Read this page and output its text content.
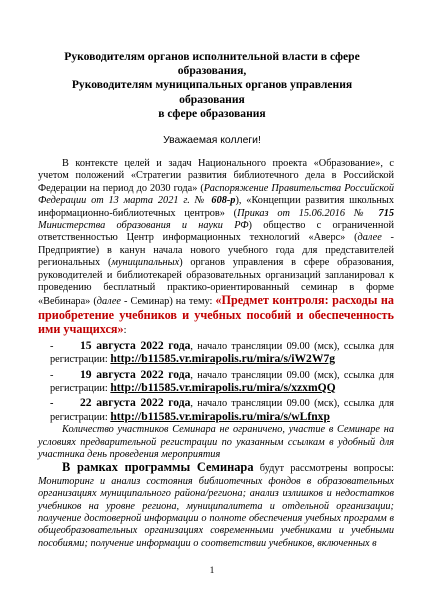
Руководителям органов исполнительной власти в сфере
образования,
Руководителям муниципальных органов управления образования
в сфере образования
Уважаемая коллеги!

В контексте целей и задач Национального проекта «Образование», с учетом положений «Стратегии развития библиотечного дела в Российской Федерации на период до 2030 года» (Распоряжение Правительства Российской Федерации от 13 марта 2021 г. № 608-р), «Концепции развития школьных информационно-библиотечных центров» (Приказ от 15.06.2016 № 715 Министерства образования и науки РФ) общество с ограниченной ответственностью Центр информационных технологий «Аверс» (далее - Предприятие) в канун начала нового учебного года для представителей региональных (муниципальных) органов управления в сфере образования, руководителей и библиотекарей образовательных организаций запланировал к проведению бесплатный практико-ориентированный семинар в форме «Вебинара» (далее - Семинар) на тему: «Предмет контроля: расходы на приобретение учебников и учебных пособий и обеспеченность ими учащихся»:

- 15 августа 2022 года, начало трансляции 09.00 (мск), ссылка для регистрации: http://b11585.vr.mirapolis.ru/mira/s/iW2W7g
- 19 августа 2022 года, начало трансляции 09.00 (мск), ссылка для регистрации: http://b11585.vr.mirapolis.ru/mira/s/xzxmQQ
- 22 августа 2022 года, начало трансляции 09.00 (мск), ссылка для регистрации: http://b11585.vr.mirapolis.ru/mira/s/wLfnxp

Количество участников Семинара не ограничено, участие в Семинаре на условиях предварительной регистрации по указанным ссылкам в удобный для участника день проведения мероприятия

В рамках программы Семинара будут рассмотрены вопросы: Мониторинг и анализ состояния библиотечных фондов в образовательных организациях муниципального района/региона; анализ излишков и недостатков учебников на уровне региона, муниципалитета и отдельной организации; получение достоверной информации о полноте обеспечения учебных программ в общеобразовательных организациях современными учебниками и учебными пособиями; получение информации о соответствии учебников, включенных в

1
